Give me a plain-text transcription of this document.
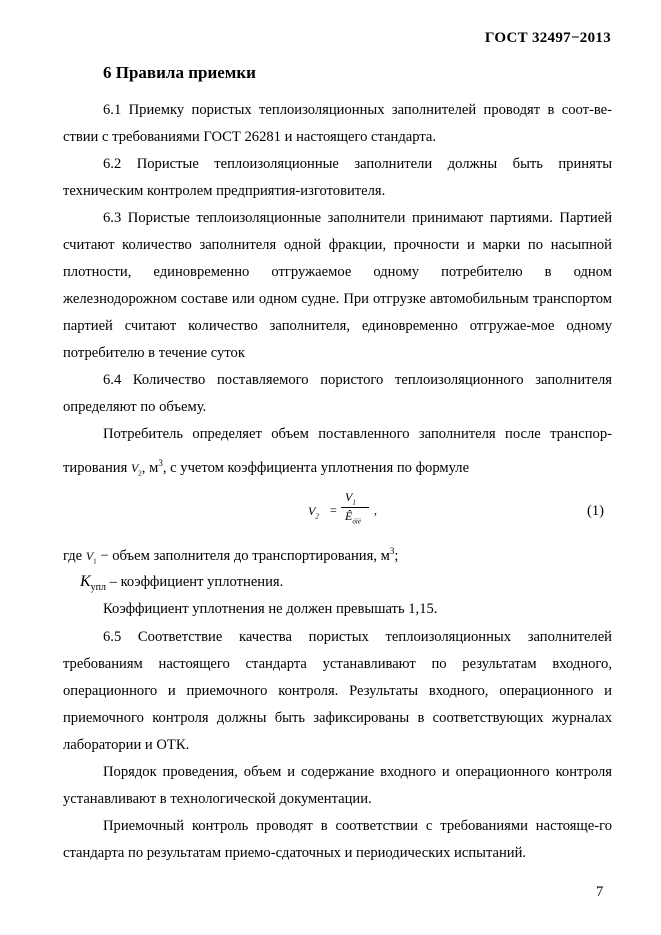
ГОСТ 32497−2013
6 Правила приемки
6.1 Приемку пористых теплоизоляционных заполнителей проводят в соот-ве-ствии с требованиями ГОСТ 26281 и настоящего стандарта.
6.2 Пористые теплоизоляционные заполнители должны быть приняты техническим контролем предприятия-изготовителя.
6.3 Пористые теплоизоляционные заполнители принимают партиями. Партией считают количество заполнителя одной фракции, прочности и марки по насыпной плотности, единовременно отгружаемое одному потребителю в одном железнодорожном составе или одном судне. При отгрузке автомобильным транспортом партией считают количество заполнителя, единовременно отгружае-мое одному потребителю в течение суток
6.4 Количество поставляемого пористого теплоизоляционного заполнителя определяют по объему.
Потребитель определяет объем поставленного заполнителя после транспор-
тирования $V_2$, $м^3$, с учетом коэффициента уплотнения по формуле
$V_2$ =
$V_1$
$Ê_{óïë}$
,	(1)
где $V_1$ − объем заполнителя до транспортирования, $м^3$;
$К_{упл}$ – коэффициент уплотнения.
Коэффициент уплотнения не должен превышать 1,15.
6.5 Соответствие качества пористых теплоизоляционных заполнителей требованиям настоящего стандарта устанавливают по результатам входного, операционного и приемочного контроля. Результаты входного, операционного и приемочного контроля должны быть зафиксированы в соответствующих журналах лаборатории и ОТК.
Порядок проведения, объем и содержание входного и операционного контроля устанавливают в технологической документации.
Приемочный контроль проводят в соответствии с требованиями настояще-го стандарта по результатам приемо-сдаточных и периодических испытаний.
7
